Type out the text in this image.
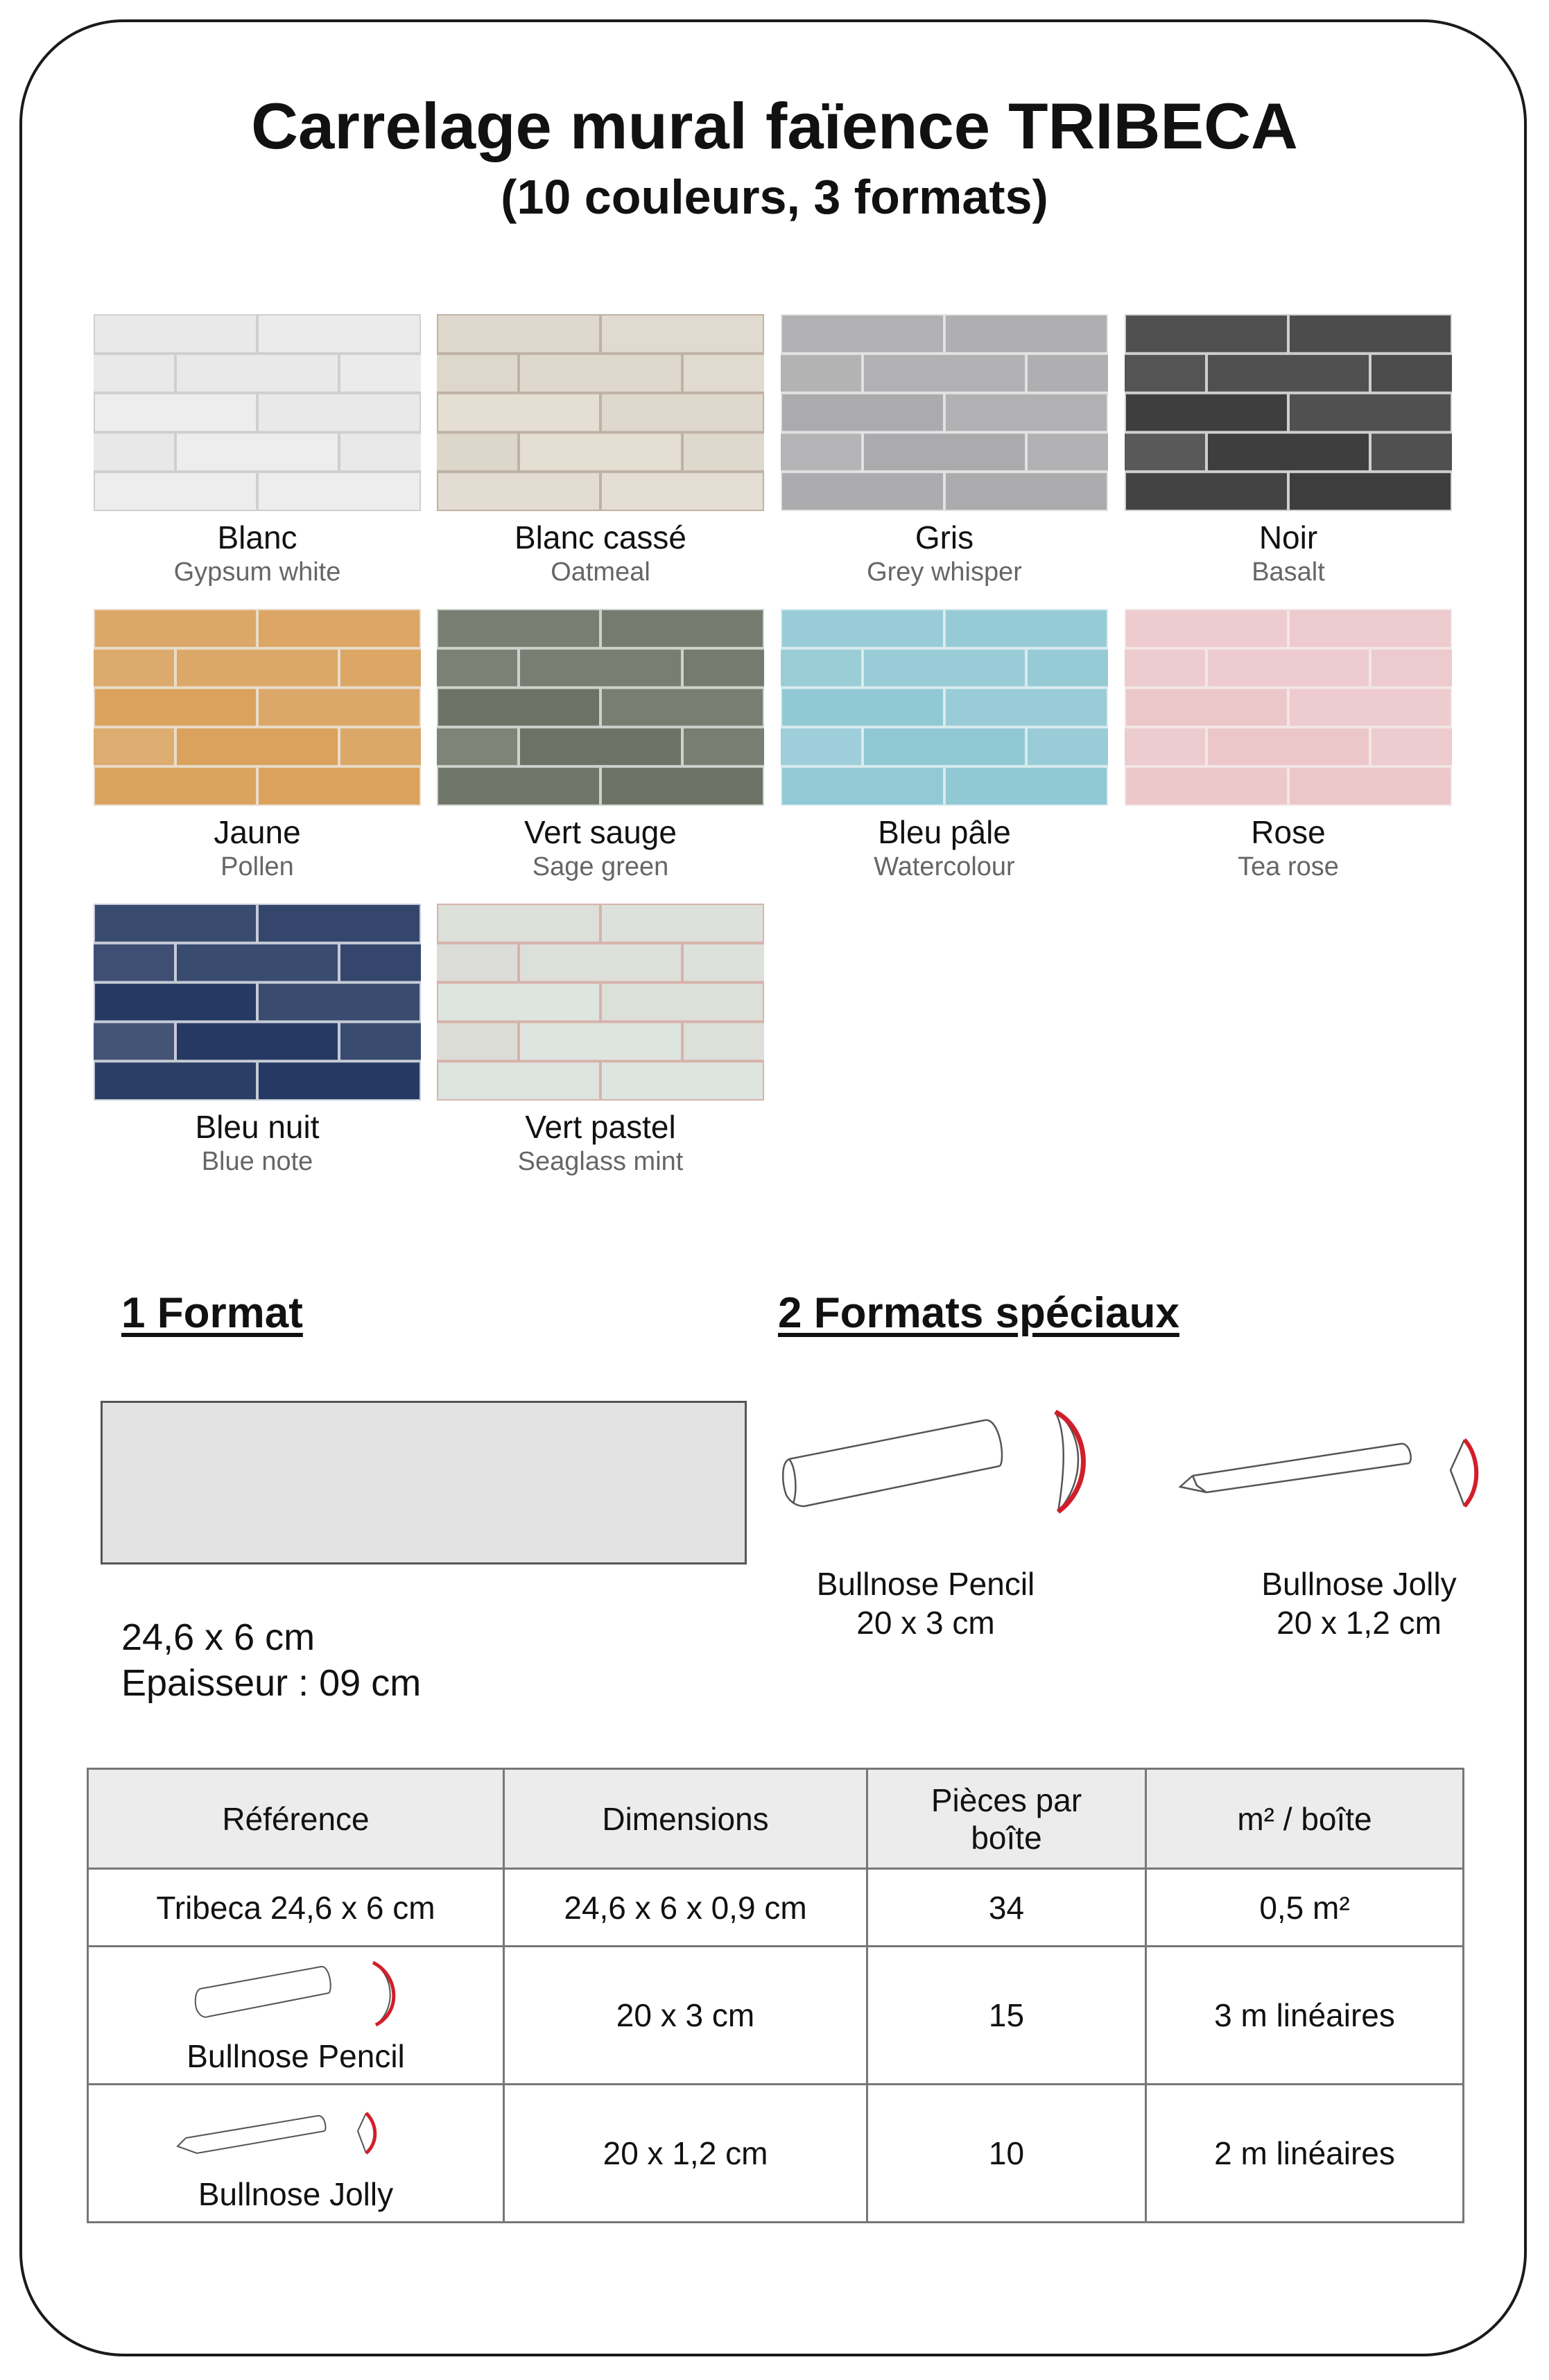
Carrelage mural faïence TRIBECA
(10 couleurs, 3 formats)
Blanc
Gypsum white
Blanc cassé
Oatmeal
Gris
Grey whisper
Noir
Basalt
Jaune
Pollen
Vert sauge
Sage green
Bleu pâle
Watercolour
Rose
Tea rose
Bleu nuit
Blue note
Vert pastel
Seaglass mint
1 Format
24,6 x 6 cm
Epaisseur : 09 cm
2 Formats spéciaux
Bullnose Pencil
20 x 3 cm
Bullnose Jolly
20 x 1,2 cm
Référence	Dimensions	Pièces par boîte	m² / boîte
Tribeca 24,6 x 6 cm	24,6 x 6 x 0,9 cm	34	0,5 m²

Bullnose Pencil	20 x 3 cm	15	3 m linéaires

Bullnose Jolly	20 x 1,2 cm	10	2 m linéaires
